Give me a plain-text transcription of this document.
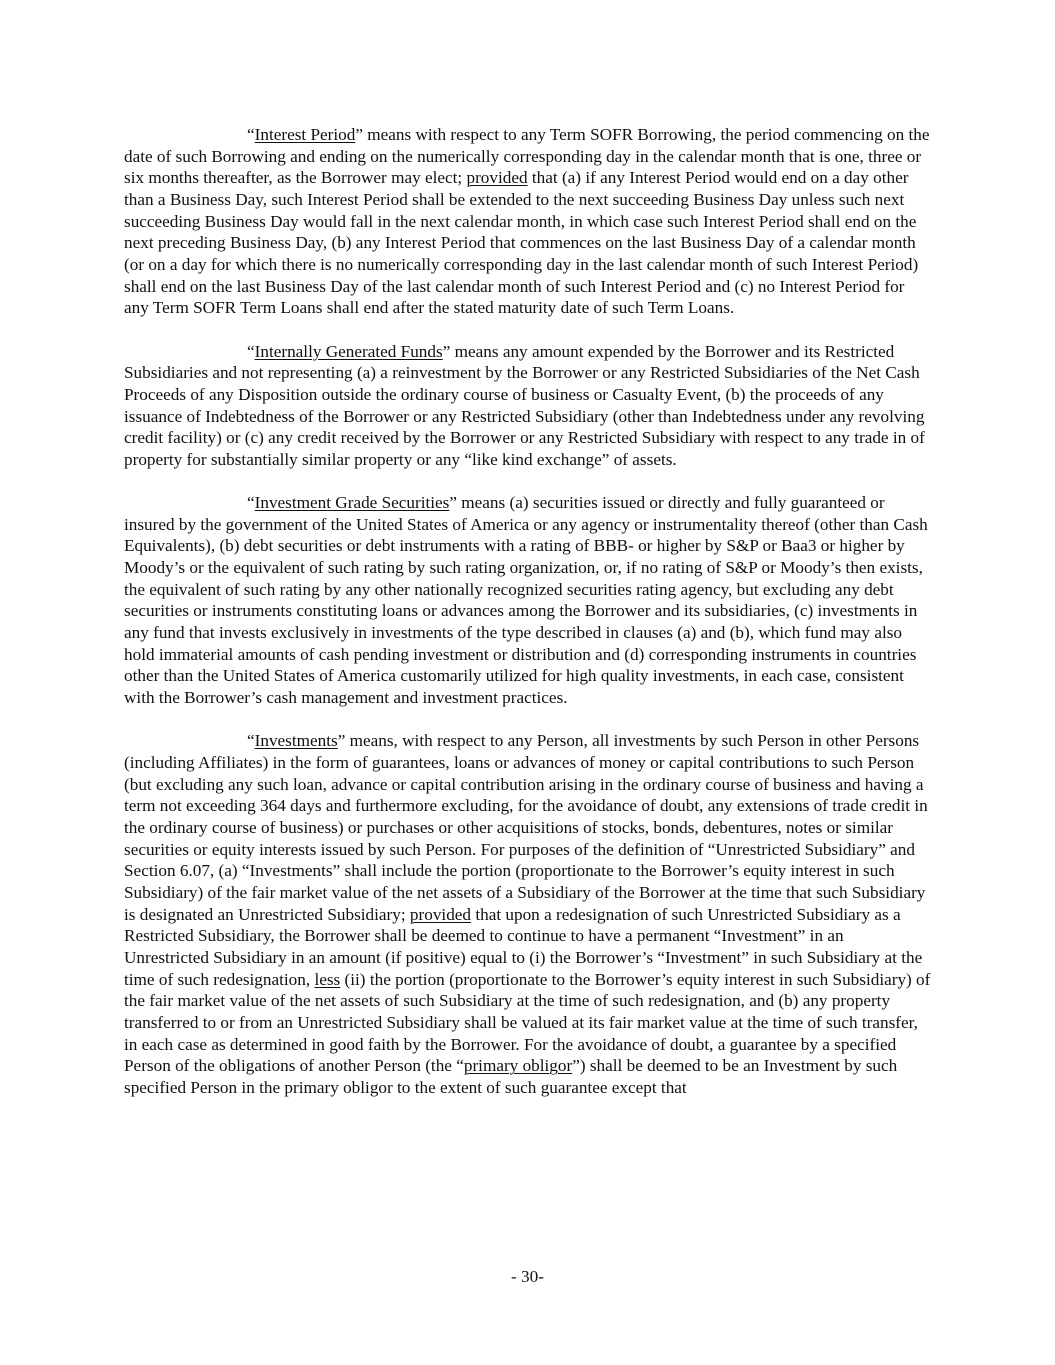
“Interest Period” means with respect to any Term SOFR Borrowing, the period commencing on the date of such Borrowing and ending on the numerically corresponding day in the calendar month that is one, three or six months thereafter, as the Borrower may elect; provided that (a) if any Interest Period would end on a day other than a Business Day, such Interest Period shall be extended to the next succeeding Business Day unless such next succeeding Business Day would fall in the next calendar month, in which case such Interest Period shall end on the next preceding Business Day, (b) any Interest Period that commences on the last Business Day of a calendar month (or on a day for which there is no numerically corresponding day in the last calendar month of such Interest Period) shall end on the last Business Day of the last calendar month of such Interest Period and (c) no Interest Period for any Term SOFR Term Loans shall end after the stated maturity date of such Term Loans.

“Internally Generated Funds” means any amount expended by the Borrower and its Restricted Subsidiaries and not representing (a) a reinvestment by the Borrower or any Restricted Subsidiaries of the Net Cash Proceeds of any Disposition outside the ordinary course of business or Casualty Event, (b) the proceeds of any issuance of Indebtedness of the Borrower or any Restricted Subsidiary (other than Indebtedness under any revolving credit facility) or (c) any credit received by the Borrower or any Restricted Subsidiary with respect to any trade in of property for substantially similar property or any “like kind exchange” of assets.

“Investment Grade Securities” means (a) securities issued or directly and fully guaranteed or insured by the government of the United States of America or any agency or instrumentality thereof (other than Cash Equivalents), (b) debt securities or debt instruments with a rating of BBB- or higher by S&P or Baa3 or higher by Moody’s or the equivalent of such rating by such rating organization, or, if no rating of S&P or Moody’s then exists, the equivalent of such rating by any other nationally recognized securities rating agency, but excluding any debt securities or instruments constituting loans or advances among the Borrower and its subsidiaries, (c) investments in any fund that invests exclusively in investments of the type described in clauses (a) and (b), which fund may also hold immaterial amounts of cash pending investment or distribution and (d) corresponding instruments in countries other than the United States of America customarily utilized for high quality investments, in each case, consistent with the Borrower’s cash management and investment practices.

“Investments” means, with respect to any Person, all investments by such Person in other Persons (including Affiliates) in the form of guarantees, loans or advances of money or capital contributions to such Person (but excluding any such loan, advance or capital contribution arising in the ordinary course of business and having a term not exceeding 364 days and furthermore excluding, for the avoidance of doubt, any extensions of trade credit in the ordinary course of business) or purchases or other acquisitions of stocks, bonds, debentures, notes or similar securities or equity interests issued by such Person. For purposes of the definition of “Unrestricted Subsidiary” and Section 6.07, (a) “Investments” shall include the portion (proportionate to the Borrower’s equity interest in such Subsidiary) of the fair market value of the net assets of a Subsidiary of the Borrower at the time that such Subsidiary is designated an Unrestricted Subsidiary; provided that upon a redesignation of such Unrestricted Subsidiary as a Restricted Subsidiary, the Borrower shall be deemed to continue to have a permanent “Investment” in an Unrestricted Subsidiary in an amount (if positive) equal to (i) the Borrower’s “Investment” in such Subsidiary at the time of such redesignation, less (ii) the portion (proportionate to the Borrower’s equity interest in such Subsidiary) of the fair market value of the net assets of such Subsidiary at the time of such redesignation, and (b) any property transferred to or from an Unrestricted Subsidiary shall be valued at its fair market value at the time of such transfer, in each case as determined in good faith by the Borrower. For the avoidance of doubt, a guarantee by a specified Person of the obligations of another Person (the “primary obligor”) shall be deemed to be an Investment by such specified Person in the primary obligor to the extent of such guarantee except that

- 30-
